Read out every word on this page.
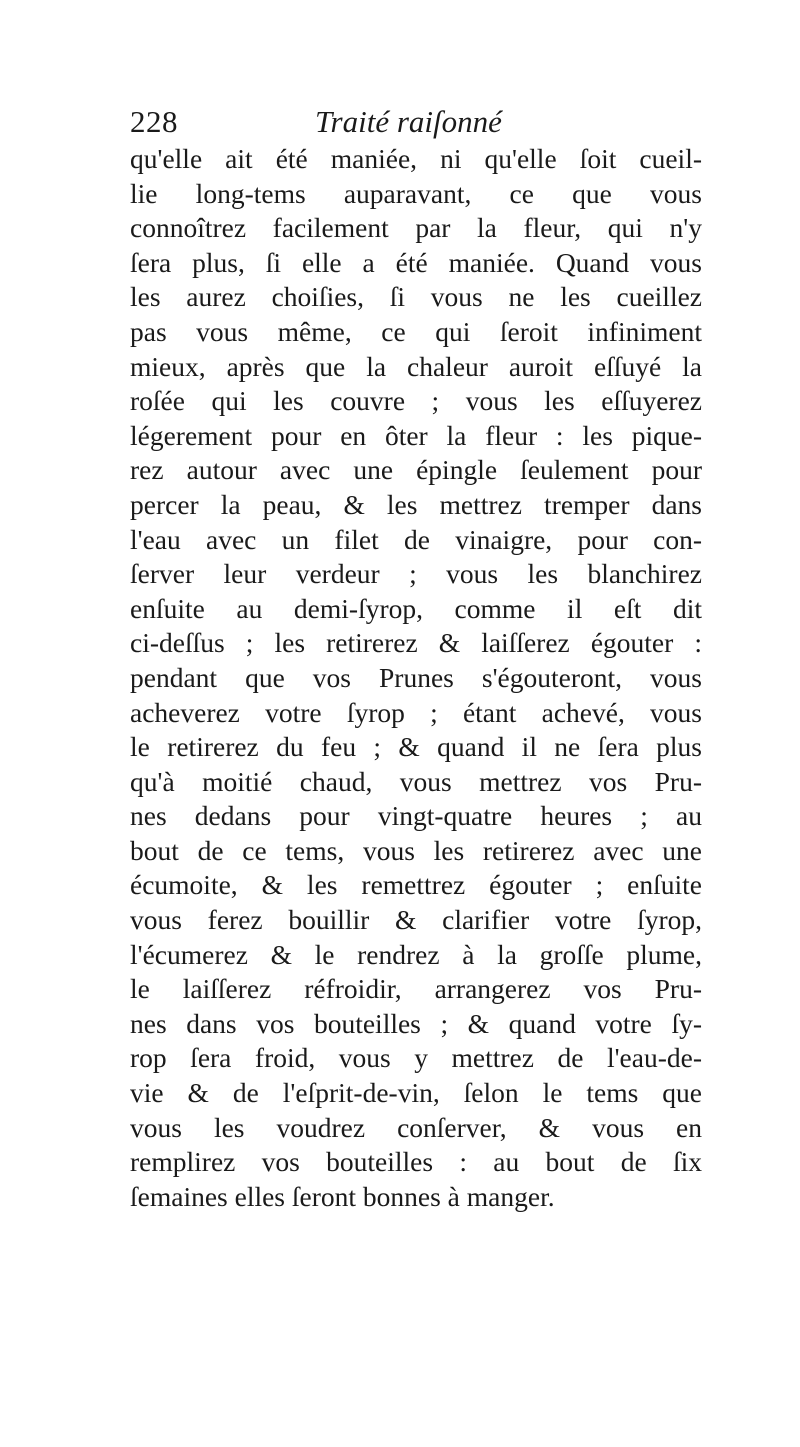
228	Traité raiſonné
qu'elle ait été maniée, ni qu'elle ſoit cueil-
lie long-tems auparavant, ce que vous
connoîtrez facilement par la fleur, qui n'y
ſera plus, ſi elle a été maniée. Quand vous
les aurez choiſies, ſi vous ne les cueillez
pas vous même, ce qui ſeroit infiniment
mieux, après que la chaleur auroit eſſuyé la
roſée qui les couvre ; vous les eſſuyerez
légerement pour en ôter la fleur : les pique-
rez autour avec une épingle ſeulement pour
percer la peau, & les mettrez tremper dans
l'eau avec un filet de vinaigre, pour con-
ſerver leur verdeur ; vous les blanchirez
enſuite au demi-ſyrop, comme il eſt dit
ci-deſſus ; les retirerez & laiſſerez égouter :
pendant que vos Prunes s'égouteront, vous
acheverez votre ſyrop ; étant achevé, vous
le retirerez du feu ; & quand il ne ſera plus
qu'à moitié chaud, vous mettrez vos Pru-
nes dedans pour vingt-quatre heures ; au
bout de ce tems, vous les retirerez avec une
écumoite, & les remettrez égouter ; enſuite
vous ferez bouillir & clarifier votre ſyrop,
l'écumerez & le rendrez à la groſſe plume,
le laiſſerez réfroidir, arrangerez vos Pru-
nes dans vos bouteilles ; & quand votre ſy-
rop ſera froid, vous y mettrez de l'eau-de-
vie & de l'eſprit-de-vin, ſelon le tems que
vous les voudrez conſerver, & vous en
remplirez vos bouteilles : au bout de ſix
ſemaines elles ſeront bonnes à manger.
